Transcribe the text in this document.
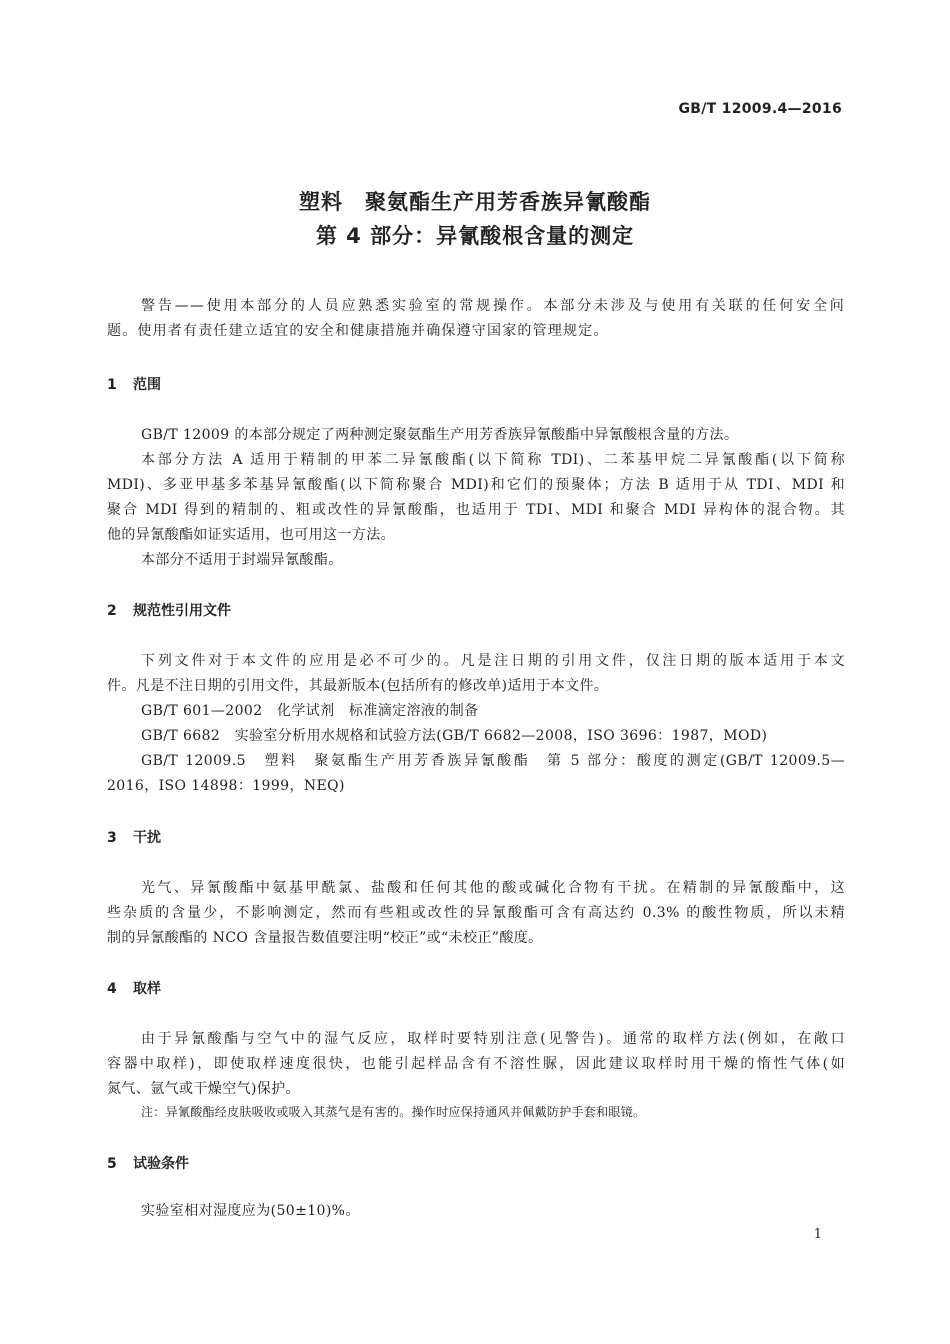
GB/T 12009.4—2016
塑料　聚氨酯生产用芳香族异氰酸酯
第 4 部分：异氰酸根含量的测定
警告——使用本部分的人员应熟悉实验室的常规操作。本部分未涉及与使用有关联的任何安全问
题。使用者有责任建立适宜的安全和健康措施并确保遵守国家的管理规定。
1 范围
GB/T 12009 的本部分规定了两种测定聚氨酯生产用芳香族异氰酸酯中异氰酸根含量的方法。
本部分方法 A 适用于精制的甲苯二异氰酸酯(以下简称 TDI)、二苯基甲烷二异氰酸酯(以下简称
MDI)、多亚甲基多苯基异氰酸酯(以下简称聚合 MDI)和它们的预聚体；方法 B 适用于从 TDI、MDI 和
聚合 MDI 得到的精制的、粗或改性的异氰酸酯，也适用于 TDI、MDI 和聚合 MDI 异构体的混合物。其
他的异氰酸酯如证实适用，也可用这一方法。
本部分不适用于封端异氰酸酯。
2 规范性引用文件
下列文件对于本文件的应用是必不可少的。凡是注日期的引用文件，仅注日期的版本适用于本文
件。凡是不注日期的引用文件，其最新版本(包括所有的修改单)适用于本文件。
GB/T 601—2002　化学试剂　标准滴定溶液的制备
GB/T 6682　实验室分析用水规格和试验方法(GB/T 6682—2008，ISO 3696：1987，MOD)
GB/T 12009.5　塑料　聚氨酯生产用芳香族异氰酸酯　第 5 部分：酸度的测定(GB/T 12009.5—
2016，ISO 14898：1999，NEQ)
3 干扰
光气、异氰酸酯中氨基甲酰氯、盐酸和任何其他的酸或碱化合物有干扰。在精制的异氰酸酯中，这
些杂质的含量少，不影响测定，然而有些粗或改性的异氰酸酯可含有高达约 0.3% 的酸性物质，所以未精
制的异氰酸酯的 NCO 含量报告数值要注明“校正”或“未校正”酸度。
4 取样
由于异氰酸酯与空气中的湿气反应，取样时要特别注意(见警告)。通常的取样方法(例如，在敞口
容器中取样)，即使取样速度很快，也能引起样品含有不溶性脲，因此建议取样时用干燥的惰性气体(如
氮气、氩气或干燥空气)保护。
注：异氰酸酯经皮肤吸收或吸入其蒸气是有害的。操作时应保持通风并佩戴防护手套和眼镜。
5 试验条件
实验室相对湿度应为(50±10)%。
1
